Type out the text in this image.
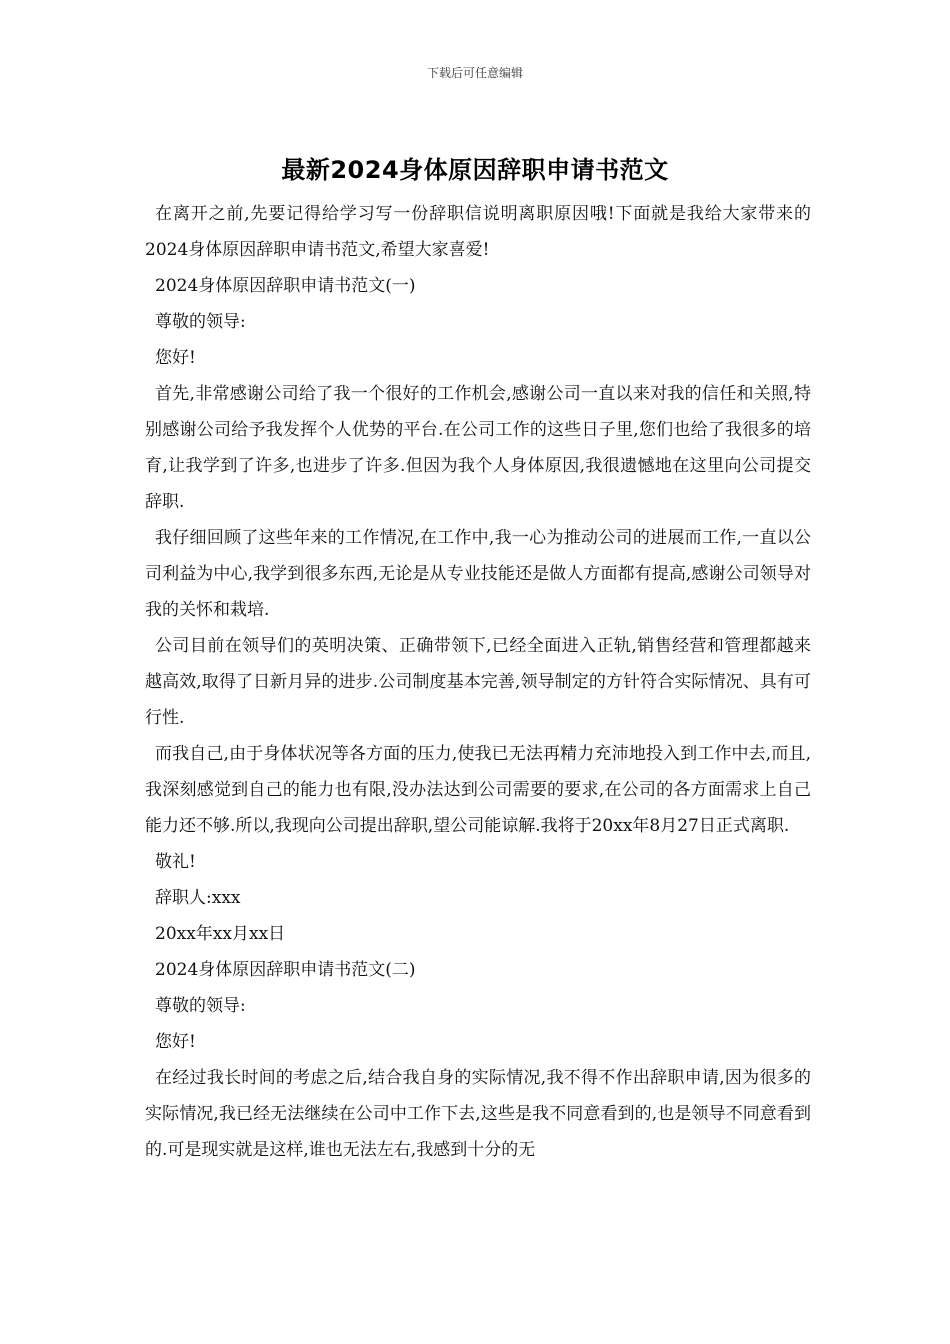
下载后可任意编辑
最新2024身体原因辞职申请书范文

在离开之前,先要记得给学习写一份辞职信说明离职原因哦!下面就是我给大家带来的2024身体原因辞职申请书范文,希望大家喜爱!

2024身体原因辞职申请书范文(一)

尊敬的领导:

您好!

首先,非常感谢公司给了我一个很好的工作机会,感谢公司一直以来对我的信任和关照,特别感谢公司给予我发挥个人优势的平台.在公司工作的这些日子里,您们也给了我很多的培育,让我学到了许多,也进步了许多.但因为我个人身体原因,我很遗憾地在这里向公司提交辞职.

我仔细回顾了这些年来的工作情况,在工作中,我一心为推动公司的进展而工作,一直以公司利益为中心,我学到很多东西,无论是从专业技能还是做人方面都有提高,感谢公司领导对我的关怀和栽培.

公司目前在领导们的英明决策、正确带领下,已经全面进入正轨,销售经营和管理都越来越高效,取得了日新月异的进步.公司制度基本完善,领导制定的方针符合实际情况、具有可行性.

而我自己,由于身体状况等各方面的压力,使我已无法再精力充沛地投入到工作中去,而且,我深刻感觉到自己的能力也有限,没办法达到公司需要的要求,在公司的各方面需求上自己能力还不够.所以,我现向公司提出辞职,望公司能谅解.我将于20xx年8月27日正式离职.

敬礼!

辞职人:xxx

20xx年xx月xx日

2024身体原因辞职申请书范文(二)

尊敬的领导:

您好!

在经过我长时间的考虑之后,结合我自身的实际情况,我不得不作出辞职申请,因为很多的实际情况,我已经无法继续在公司中工作下去,这些是我不同意看到的,也是领导不同意看到的.可是现实就是这样,谁也无法左右,我感到十分的无
